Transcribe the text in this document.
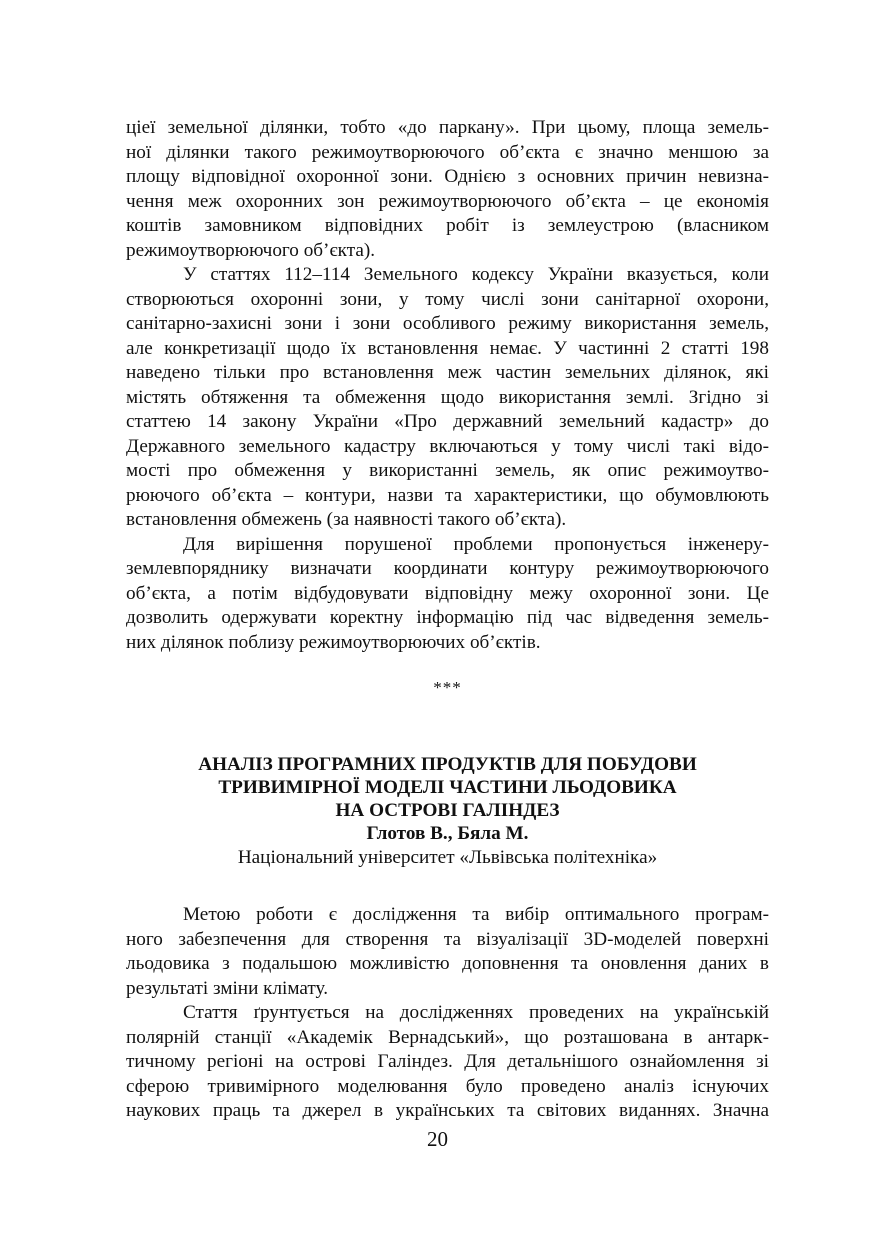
ціеї земельної ділянки, тобто «до паркану». При цьому, площа земель-
ної ділянки такого режимоутворюючого об’єкта є значно меншою за
площу відповідної охоронної зони. Однією з основних причин невизна-
чення меж охоронних зон режимоутворюючого об’єкта – це економія
коштів замовником відповідних робіт із землеустрою (власником
режимоутворюючого об’єкта).
У статтях 112–114 Земельного кодексу України вказується, коли
створюються охоронні зони, у тому числі зони санітарної охорони,
санітарно-захисні зони і зони особливого режиму використання земель,
але конкретизації щодо їх встановлення немає. У частинні 2 статті 198
наведено тільки про встановлення меж частин земельних ділянок, які
містять обтяження та обмеження щодо використання землі. Згідно зі
статтею 14 закону України «Про державний земельний кадастр» до
Державного земельного кадастру включаються у тому числі такі відо-
мості про обмеження у використанні земель, як опис режимоутво-
рюючого об’єкта – контури, назви та характеристики, що обумовлюють
встановлення обмежень (за наявності такого об’єкта).
Для вирішення порушеної проблеми пропонується інженеру-
землевпоряднику визначати координати контуру режимоутворюючого
об’єкта, а потім відбудовувати відповідну межу охоронної зони. Це
дозволить одержувати коректну інформацію під час відведення земель-
них ділянок поблизу режимоутворюючих об’єктів.
***
АНАЛІЗ ПРОГРАМНИХ ПРОДУКТІВ ДЛЯ ПОБУДОВИ
ТРИВИМІРНОЇ МОДЕЛІ ЧАСТИНИ ЛЬОДОВИКА
НА ОСТРОВІ ГАЛІНДЕЗ
Глотов В., Бяла М.
Національний університет «Львівська політехніка»
Метою роботи є дослідження та вибір оптимального програм-
ного забезпечення для створення та візуалізації 3D-моделей поверхні
льодовика з подальшою можливістю доповнення та оновлення даних в
результаті зміни клімату.
Стаття ґрунтується на дослідженнях проведених на українській
полярній станції «Академік Вернадський», що розташована в антарк-
тичному регіоні на острові Галіндез. Для детальнішого ознайомлення зі
сферою тривимірного моделювання було проведено аналіз існуючих
наукових праць та джерел в українських та світових виданнях. Значна
20
